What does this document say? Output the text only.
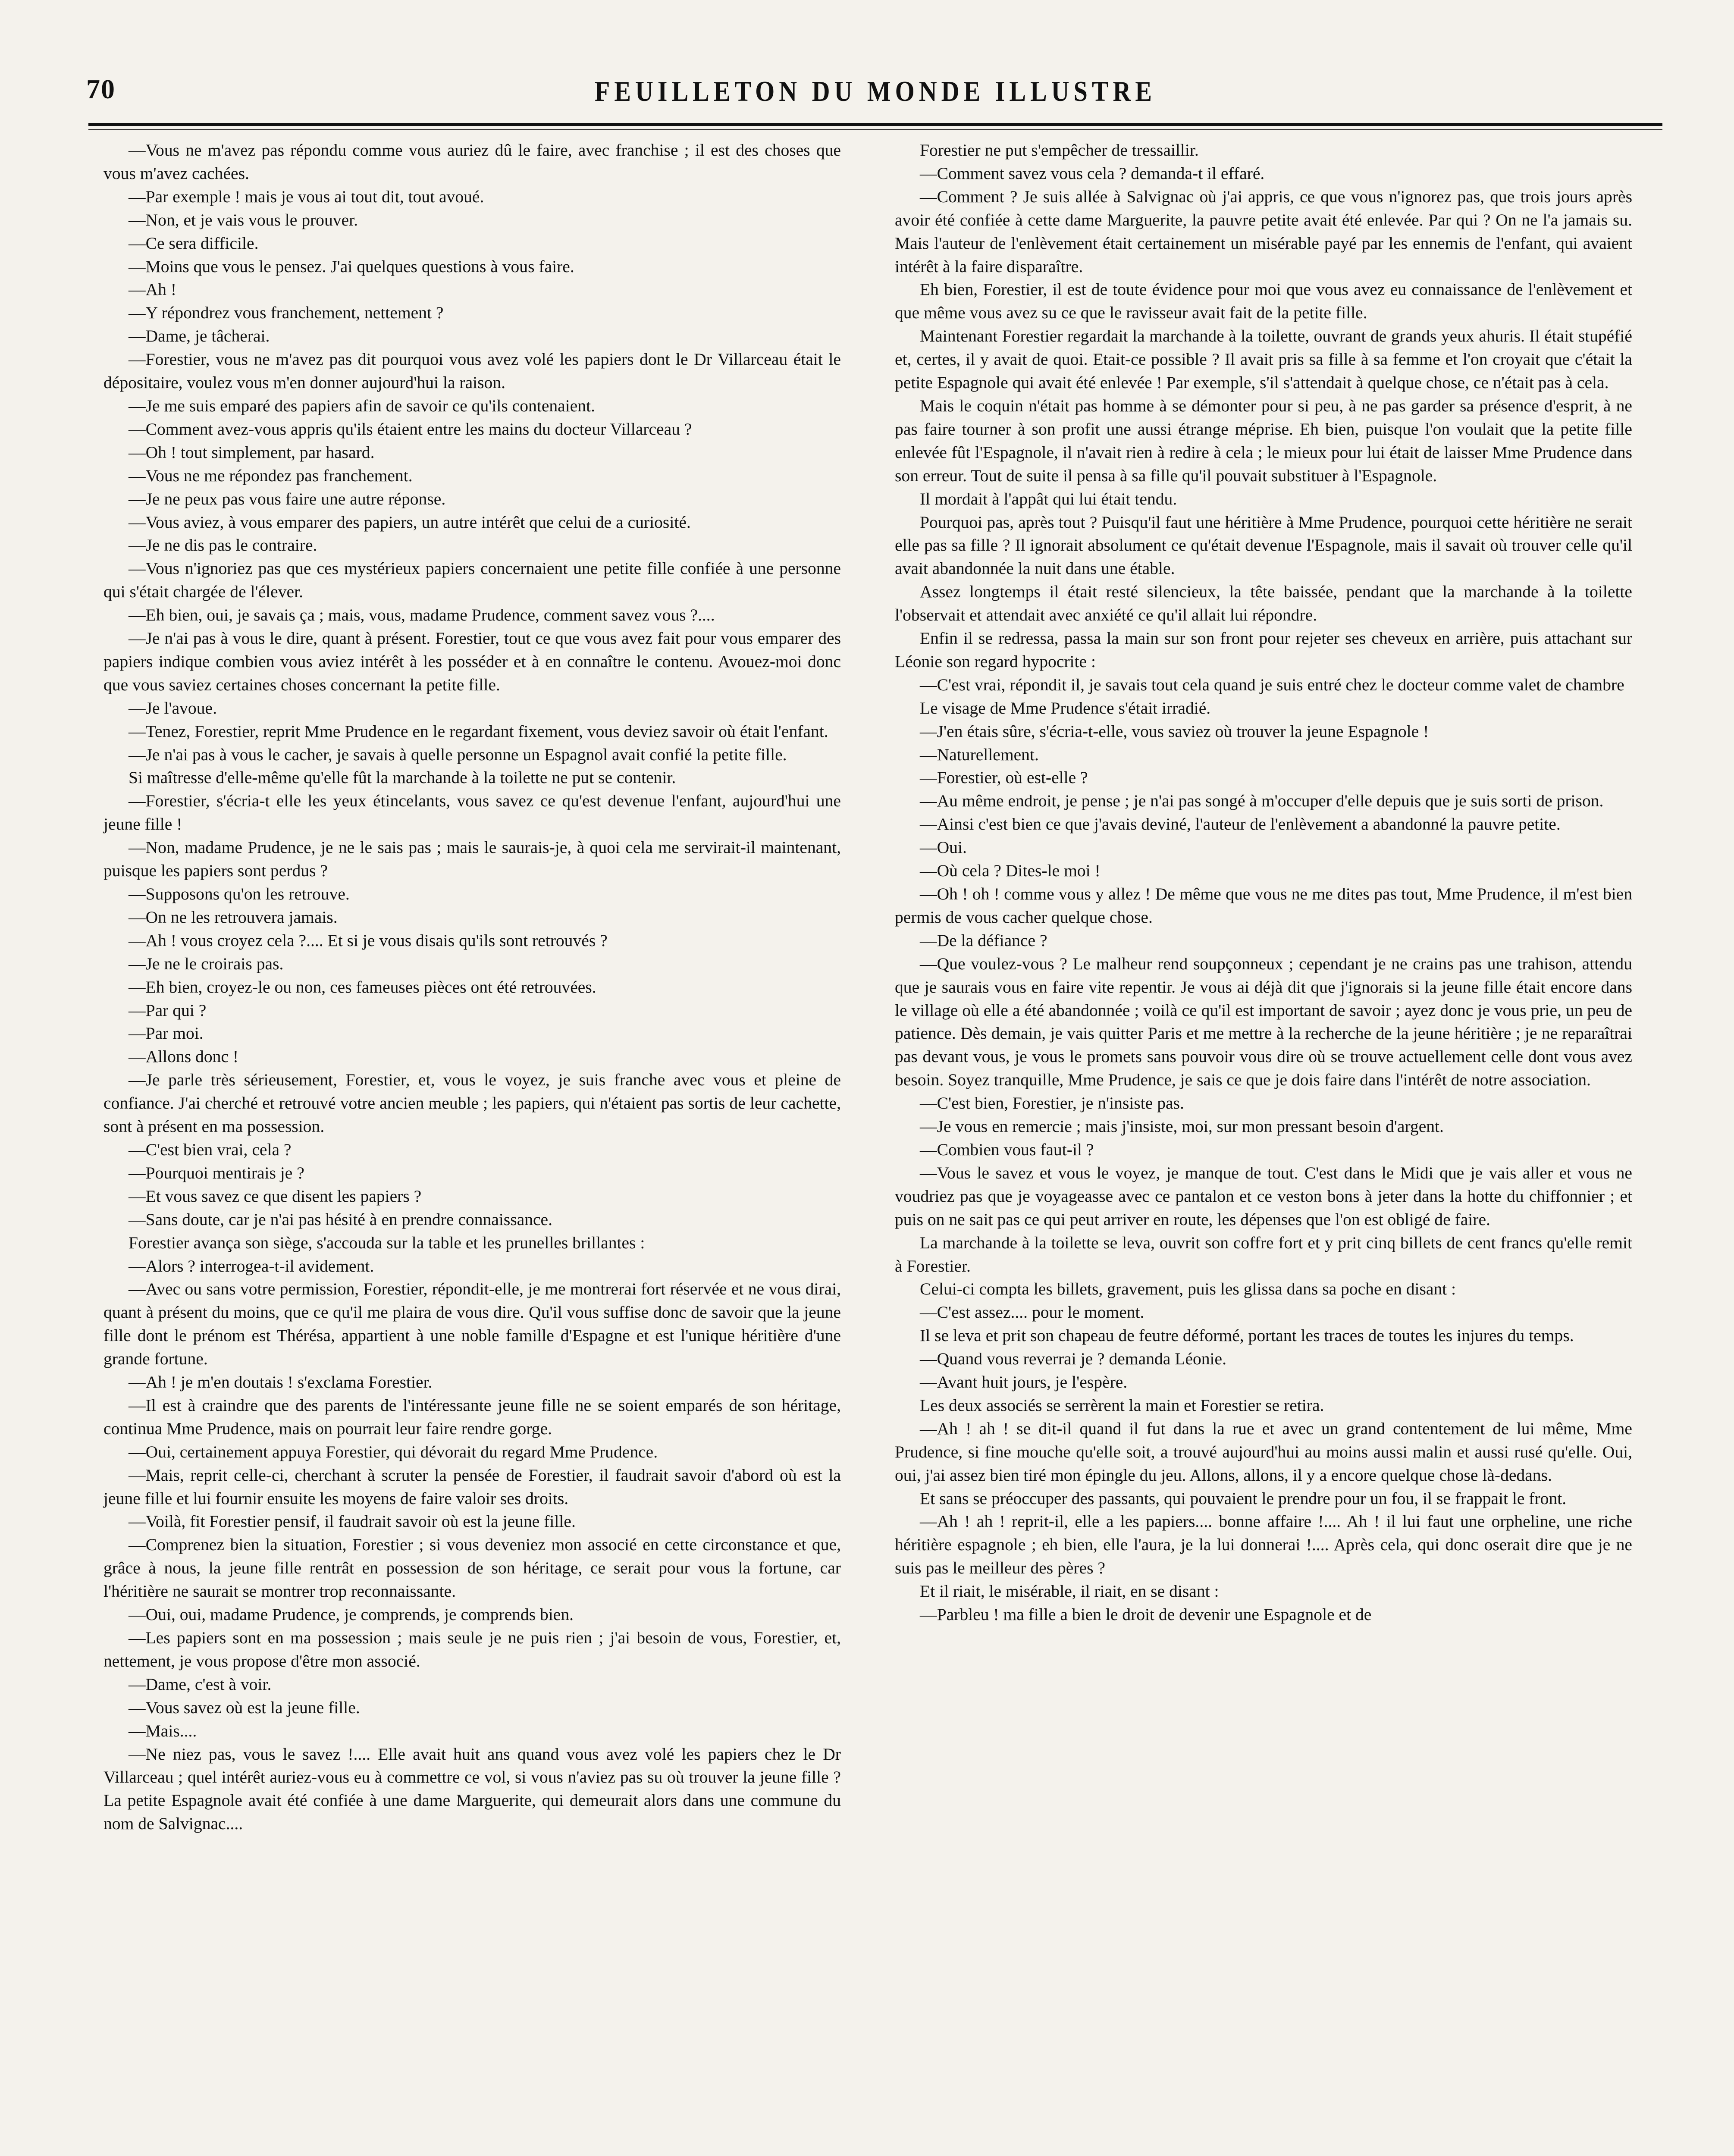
70	FEUILLETON DU MONDE ILLUSTRE

—Vous ne m'avez pas répondu comme vous auriez dû le faire, avec franchise ; il est des choses que vous m'avez cachées.

—Par exemple ! mais je vous ai tout dit, tout avoué.

—Non, et je vais vous le prouver.

—Ce sera difficile.

—Moins que vous le pensez. J'ai quelques questions à vous faire.

—Ah !

—Y répondrez vous franchement, nettement ?

—Dame, je tâcherai.

—Forestier, vous ne m'avez pas dit pourquoi vous avez volé les papiers dont le Dr Villarceau était le dépositaire, voulez vous m'en donner aujourd'hui la raison.

—Je me suis emparé des papiers afin de savoir ce qu'ils contenaient.

—Comment avez-vous appris qu'ils étaient entre les mains du docteur Villarceau ?

—Oh ! tout simplement, par hasard.

—Vous ne me répondez pas franchement.

—Je ne peux pas vous faire une autre réponse.

—Vous aviez, à vous emparer des papiers, un autre intérêt que celui de a curiosité.

—Je ne dis pas le contraire.

—Vous n'ignoriez pas que ces mystérieux papiers concernaient une petite fille confiée à une personne qui s'était chargée de l'élever.

—Eh bien, oui, je savais ça ; mais, vous, madame Prudence, comment savez vous ?....

—Je n'ai pas à vous le dire, quant à présent. Forestier, tout ce que vous avez fait pour vous emparer des papiers indique combien vous aviez intérêt à les posséder et à en connaître le contenu. Avouez-moi donc que vous saviez certaines choses concernant la petite fille.

—Je l'avoue.

—Tenez, Forestier, reprit Mme Prudence en le regardant fixement, vous deviez savoir où était l'enfant.

—Je n'ai pas à vous le cacher, je savais à quelle personne un Espagnol avait confié la petite fille.

Si maîtresse d'elle-même qu'elle fût la marchande à la toilette ne put se contenir.

—Forestier, s'écria-t elle les yeux étincelants, vous savez ce qu'est devenue l'enfant, aujourd'hui une jeune fille !

—Non, madame Prudence, je ne le sais pas ; mais le saurais-je, à quoi cela me servirait-il maintenant, puisque les papiers sont perdus ?

—Supposons qu'on les retrouve.

—On ne les retrouvera jamais.

—Ah ! vous croyez cela ?.... Et si je vous disais qu'ils sont retrouvés ?

—Je ne le croirais pas.

—Eh bien, croyez-le ou non, ces fameuses pièces ont été retrouvées.

—Par qui ?

—Par moi.

—Allons donc !

—Je parle très sérieusement, Forestier, et, vous le voyez, je suis franche avec vous et pleine de confiance. J'ai cherché et retrouvé votre ancien meuble ; les papiers, qui n'étaient pas sortis de leur cachette, sont à présent en ma possession.

—C'est bien vrai, cela ?

—Pourquoi mentirais je ?

—Et vous savez ce que disent les papiers ?

—Sans doute, car je n'ai pas hésité à en prendre connaissance.

Forestier avança son siège, s'accouda sur la table et les prunelles brillantes :

—Alors ? interrogea-t-il avidement.

—Avec ou sans votre permission, Forestier, répondit-elle, je me montrerai fort réservée et ne vous dirai, quant à présent du moins, que ce qu'il me plaira de vous dire. Qu'il vous suffise donc de savoir que la jeune fille dont le prénom est Thérésa, appartient à une noble famille d'Espagne et est l'unique héritière d'une grande fortune.

—Ah ! je m'en doutais ! s'exclama Forestier.

—Il est à craindre que des parents de l'intéressante jeune fille ne se soient emparés de son héritage, continua Mme Prudence, mais on pourrait leur faire rendre gorge.

—Oui, certainement appuya Forestier, qui dévorait du regard Mme Prudence.

—Mais, reprit celle-ci, cherchant à scruter la pensée de Forestier, il faudrait savoir d'abord où est la jeune fille et lui fournir ensuite les moyens de faire valoir ses droits.

—Voilà, fit Forestier pensif, il faudrait savoir où est la jeune fille.

—Comprenez bien la situation, Forestier ; si vous deveniez mon associé en cette circonstance et que, grâce à nous, la jeune fille rentrât en possession de son héritage, ce serait pour vous la fortune, car l'héritière ne saurait se montrer trop reconnaissante.

—Oui, oui, madame Prudence, je comprends, je comprends bien.

—Les papiers sont en ma possession ; mais seule je ne puis rien ; j'ai besoin de vous, Forestier, et, nettement, je vous propose d'être mon associé.

—Dame, c'est à voir.

—Vous savez où est la jeune fille.

—Mais....

—Ne niez pas, vous le savez !.... Elle avait huit ans quand vous avez volé les papiers chez le Dr Villarceau ; quel intérêt auriez-vous eu à commettre ce vol, si vous n'aviez pas su où trouver la jeune fille ? La petite Espagnole avait été confiée à une dame Marguerite, qui demeurait alors dans une commune du nom de Salvignac....

Forestier ne put s'empêcher de tressaillir.

—Comment savez vous cela ? demanda-t il effaré.

—Comment ? Je suis allée à Salvignac où j'ai appris, ce que vous n'ignorez pas, que trois jours après avoir été confiée à cette dame Marguerite, la pauvre petite avait été enlevée. Par qui ? On ne l'a jamais su. Mais l'auteur de l'enlèvement était certainement un misérable payé par les ennemis de l'enfant, qui avaient intérêt à la faire disparaître.

Eh bien, Forestier, il est de toute évidence pour moi que vous avez eu connaissance de l'enlèvement et que même vous avez su ce que le ravisseur avait fait de la petite fille.

Maintenant Forestier regardait la marchande à la toilette, ouvrant de grands yeux ahuris. Il était stupéfié et, certes, il y avait de quoi. Etait-ce possible ? Il avait pris sa fille à sa femme et l'on croyait que c'était la petite Espagnole qui avait été enlevée ! Par exemple, s'il s'attendait à quelque chose, ce n'était pas à cela.

Mais le coquin n'était pas homme à se démonter pour si peu, à ne pas garder sa présence d'esprit, à ne pas faire tourner à son profit une aussi étrange méprise. Eh bien, puisque l'on voulait que la petite fille enlevée fût l'Espagnole, il n'avait rien à redire à cela ; le mieux pour lui était de laisser Mme Prudence dans son erreur. Tout de suite il pensa à sa fille qu'il pouvait substituer à l'Espagnole.

Il mordait à l'appât qui lui était tendu.

Pourquoi pas, après tout ? Puisqu'il faut une héritière à Mme Prudence, pourquoi cette héritière ne serait elle pas sa fille ? Il ignorait absolument ce qu'était devenue l'Espagnole, mais il savait où trouver celle qu'il avait abandonnée la nuit dans une étable.

Assez longtemps il était resté silencieux, la tête baissée, pendant que la marchande à la toilette l'observait et attendait avec anxiété ce qu'il allait lui répondre.

Enfin il se redressa, passa la main sur son front pour rejeter ses cheveux en arrière, puis attachant sur Léonie son regard hypocrite :

—C'est vrai, répondit il, je savais tout cela quand je suis entré chez le docteur comme valet de chambre

Le visage de Mme Prudence s'était irradié.

—J'en étais sûre, s'écria-t-elle, vous saviez où trouver la jeune Espagnole !

—Naturellement.

—Forestier, où est-elle ?

—Au même endroit, je pense ; je n'ai pas songé à m'occuper d'elle depuis que je suis sorti de prison.

—Ainsi c'est bien ce que j'avais deviné, l'auteur de l'enlèvement a abandonné la pauvre petite.

—Oui.

—Où cela ? Dites-le moi !

—Oh ! oh ! comme vous y allez ! De même que vous ne me dites pas tout, Mme Prudence, il m'est bien permis de vous cacher quelque chose.

—De la défiance ?

—Que voulez-vous ? Le malheur rend soupçonneux ; cependant je ne crains pas une trahison, attendu que je saurais vous en faire vite repentir. Je vous ai déjà dit que j'ignorais si la jeune fille était encore dans le village où elle a été abandonnée ; voilà ce qu'il est important de savoir ; ayez donc je vous prie, un peu de patience. Dès demain, je vais quitter Paris et me mettre à la recherche de la jeune héritière ; je ne reparaîtrai pas devant vous, je vous le promets sans pouvoir vous dire où se trouve actuellement celle dont vous avez besoin. Soyez tranquille, Mme Prudence, je sais ce que je dois faire dans l'intérêt de notre association.

—C'est bien, Forestier, je n'insiste pas.

—Je vous en remercie ; mais j'insiste, moi, sur mon pressant besoin d'argent.

—Combien vous faut-il ?

—Vous le savez et vous le voyez, je manque de tout. C'est dans le Midi que je vais aller et vous ne voudriez pas que je voyageasse avec ce pantalon et ce veston bons à jeter dans la hotte du chiffonnier ; et puis on ne sait pas ce qui peut arriver en route, les dépenses que l'on est obligé de faire.

La marchande à la toilette se leva, ouvrit son coffre fort et y prit cinq billets de cent francs qu'elle remit à Forestier.

Celui-ci compta les billets, gravement, puis les glissa dans sa poche en disant :

—C'est assez.... pour le moment.

Il se leva et prit son chapeau de feutre déformé, portant les traces de toutes les injures du temps.

—Quand vous reverrai je ? demanda Léonie.

—Avant huit jours, je l'espère.

Les deux associés se serrèrent la main et Forestier se retira.

—Ah ! ah ! se dit-il quand il fut dans la rue et avec un grand contentement de lui même, Mme Prudence, si fine mouche qu'elle soit, a trouvé aujourd'hui au moins aussi malin et aussi rusé qu'elle. Oui, oui, j'ai assez bien tiré mon épingle du jeu. Allons, allons, il y a encore quelque chose là-dedans.

Et sans se préoccuper des passants, qui pouvaient le prendre pour un fou, il se frappait le front.

—Ah ! ah ! reprit-il, elle a les papiers.... bonne affaire !.... Ah ! il lui faut une orpheline, une riche héritière espagnole ; eh bien, elle l'aura, je la lui donnerai !.... Après cela, qui donc oserait dire que je ne suis pas le meilleur des pères ?

Et il riait, le misérable, il riait, en se disant :

—Parbleu ! ma fille a bien le droit de devenir une Espagnole et de
